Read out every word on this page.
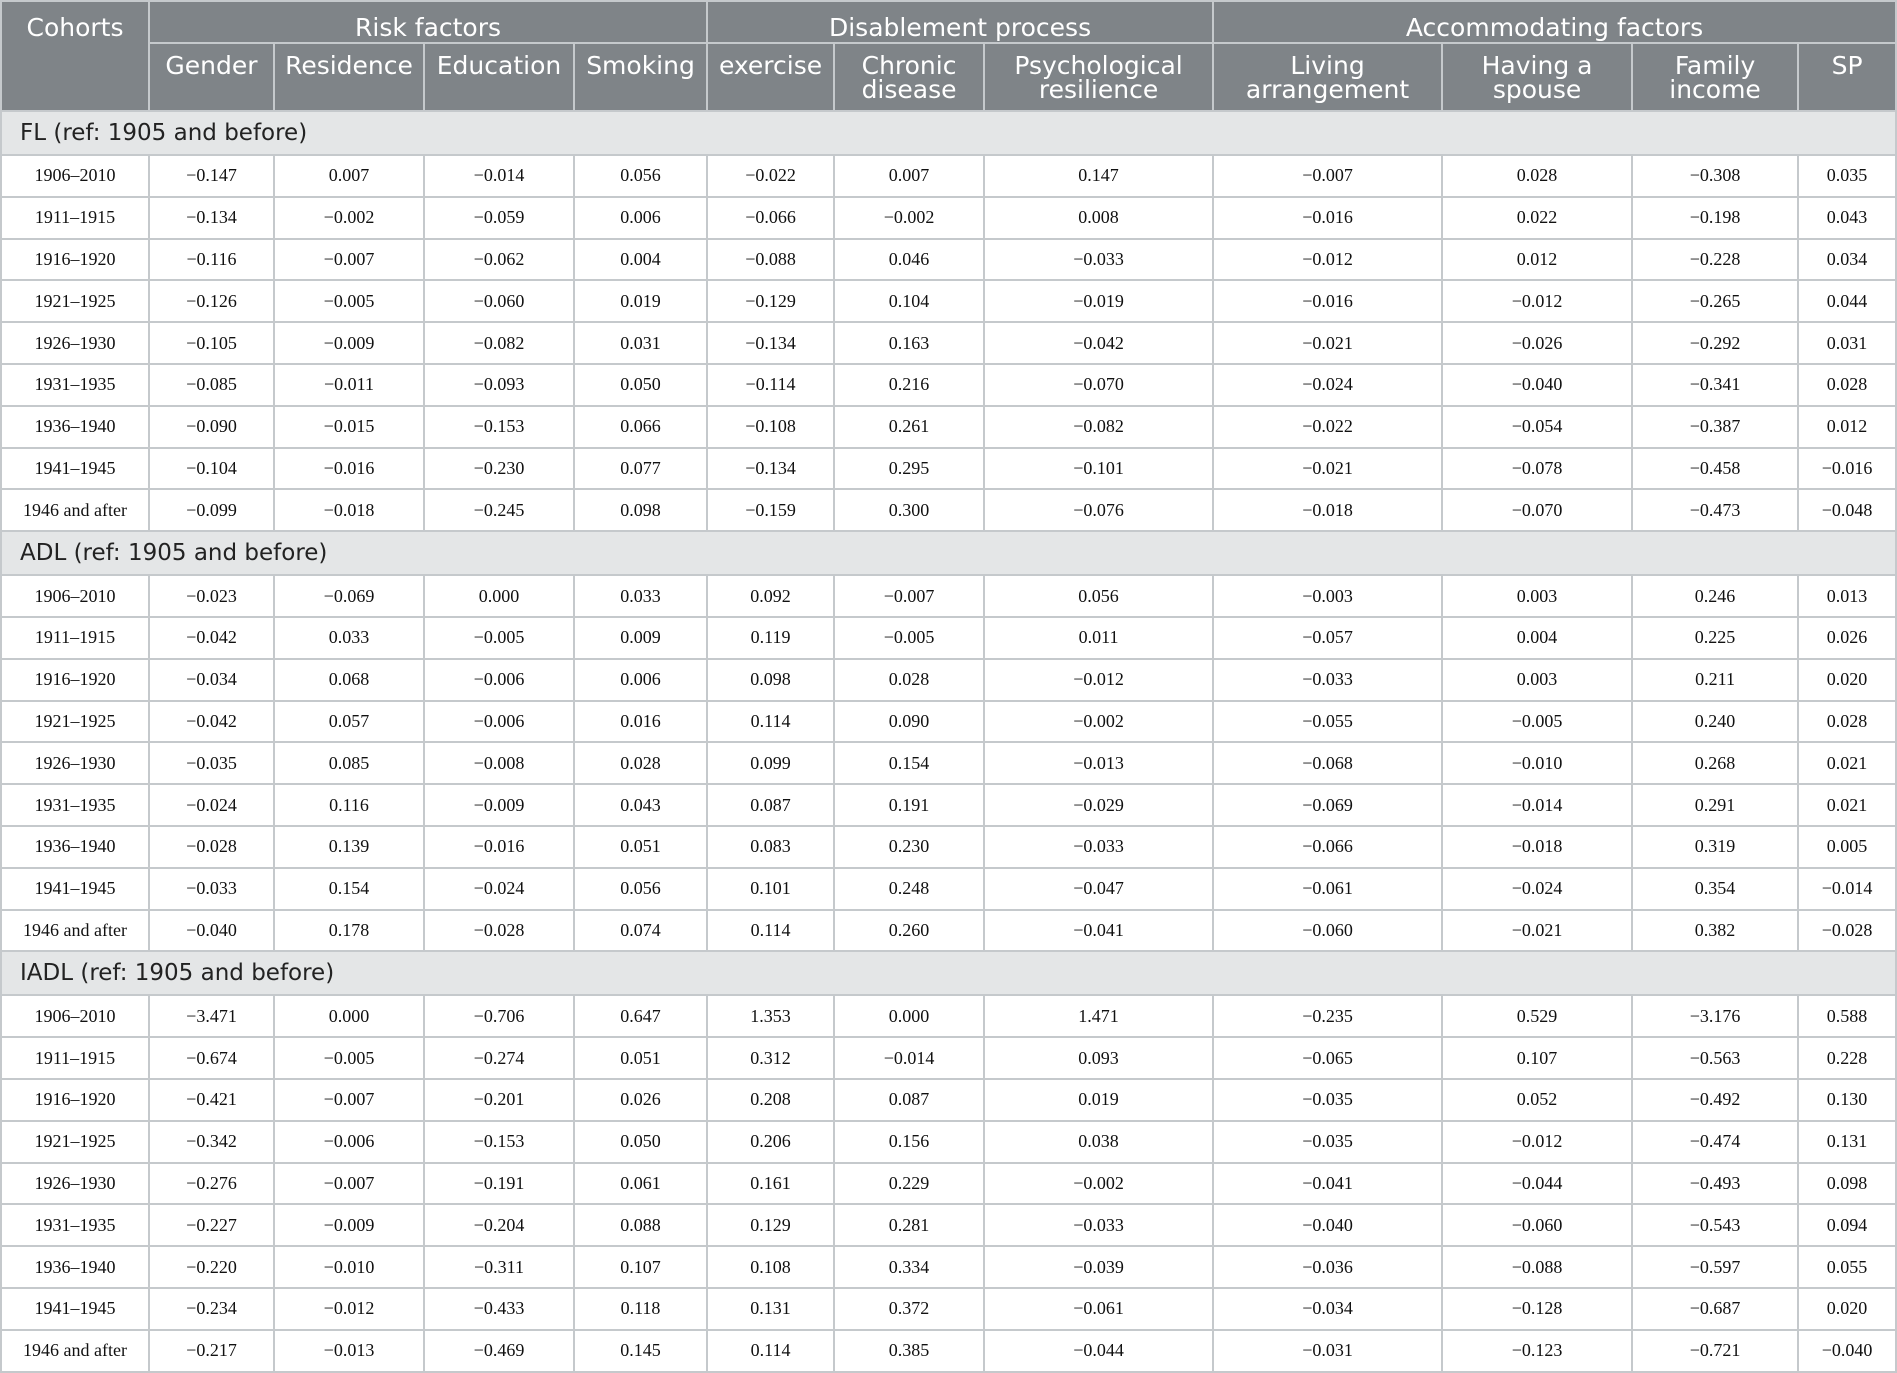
Cohorts	Risk factors				Disablement process			Accommodating factors			
	Gender	Residence	Education	Smoking	exercise	Chronic disease	Psychological resilience	Living arrangement	Having a spouse	Family income	SP
FL (ref: 1905 and before)											
1906–2010	−0.147	0.007	−0.014	0.056	−0.022	0.007	0.147	−0.007	0.028	−0.308	0.035
1911–1915	−0.134	−0.002	−0.059	0.006	−0.066	−0.002	0.008	−0.016	0.022	−0.198	0.043
1916–1920	−0.116	−0.007	−0.062	0.004	−0.088	0.046	−0.033	−0.012	0.012	−0.228	0.034
1921–1925	−0.126	−0.005	−0.060	0.019	−0.129	0.104	−0.019	−0.016	−0.012	−0.265	0.044
1926–1930	−0.105	−0.009	−0.082	0.031	−0.134	0.163	−0.042	−0.021	−0.026	−0.292	0.031
1931–1935	−0.085	−0.011	−0.093	0.050	−0.114	0.216	−0.070	−0.024	−0.040	−0.341	0.028
1936–1940	−0.090	−0.015	−0.153	0.066	−0.108	0.261	−0.082	−0.022	−0.054	−0.387	0.012
1941–1945	−0.104	−0.016	−0.230	0.077	−0.134	0.295	−0.101	−0.021	−0.078	−0.458	−0.016
1946 and after	−0.099	−0.018	−0.245	0.098	−0.159	0.300	−0.076	−0.018	−0.070	−0.473	−0.048
ADL (ref: 1905 and before)											
1906–2010	−0.023	−0.069	0.000	0.033	0.092	−0.007	0.056	−0.003	0.003	0.246	0.013
1911–1915	−0.042	0.033	−0.005	0.009	0.119	−0.005	0.011	−0.057	0.004	0.225	0.026
1916–1920	−0.034	0.068	−0.006	0.006	0.098	0.028	−0.012	−0.033	0.003	0.211	0.020
1921–1925	−0.042	0.057	−0.006	0.016	0.114	0.090	−0.002	−0.055	−0.005	0.240	0.028
1926–1930	−0.035	0.085	−0.008	0.028	0.099	0.154	−0.013	−0.068	−0.010	0.268	0.021
1931–1935	−0.024	0.116	−0.009	0.043	0.087	0.191	−0.029	−0.069	−0.014	0.291	0.021
1936–1940	−0.028	0.139	−0.016	0.051	0.083	0.230	−0.033	−0.066	−0.018	0.319	0.005
1941–1945	−0.033	0.154	−0.024	0.056	0.101	0.248	−0.047	−0.061	−0.024	0.354	−0.014
1946 and after	−0.040	0.178	−0.028	0.074	0.114	0.260	−0.041	−0.060	−0.021	0.382	−0.028
IADL (ref: 1905 and before)											
1906–2010	−3.471	0.000	−0.706	0.647	1.353	0.000	1.471	−0.235	0.529	−3.176	0.588
1911–1915	−0.674	−0.005	−0.274	0.051	0.312	−0.014	0.093	−0.065	0.107	−0.563	0.228
1916–1920	−0.421	−0.007	−0.201	0.026	0.208	0.087	0.019	−0.035	0.052	−0.492	0.130
1921–1925	−0.342	−0.006	−0.153	0.050	0.206	0.156	0.038	−0.035	−0.012	−0.474	0.131
1926–1930	−0.276	−0.007	−0.191	0.061	0.161	0.229	−0.002	−0.041	−0.044	−0.493	0.098
1931–1935	−0.227	−0.009	−0.204	0.088	0.129	0.281	−0.033	−0.040	−0.060	−0.543	0.094
1936–1940	−0.220	−0.010	−0.311	0.107	0.108	0.334	−0.039	−0.036	−0.088	−0.597	0.055
1941–1945	−0.234	−0.012	−0.433	0.118	0.131	0.372	−0.061	−0.034	−0.128	−0.687	0.020
1946 and after	−0.217	−0.013	−0.469	0.145	0.114	0.385	−0.044	−0.031	−0.123	−0.721	−0.040
